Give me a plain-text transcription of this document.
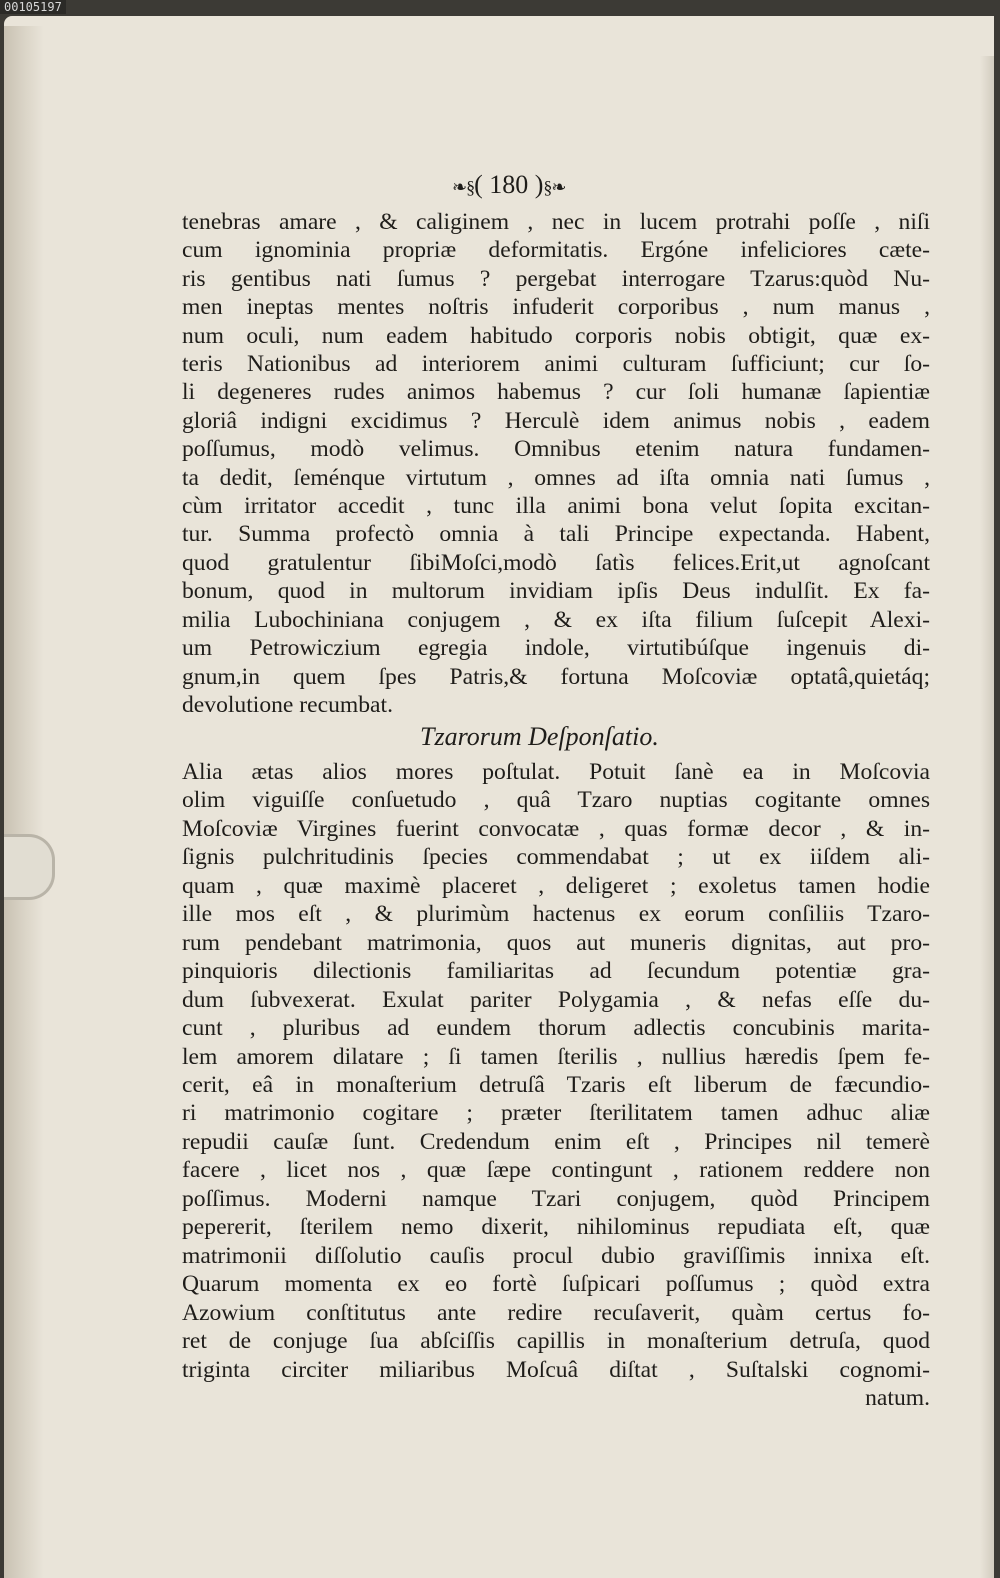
00105197
❧§( 180 )§❧
tenebras amare , & caliginem , nec in lucem protrahi poſſe , niſi
cum ignominia propriæ deformitatis. Ergóne infeliciores cæte-
ris gentibus nati ſumus ? pergebat interrogare Tzarus:quòd Nu-
men ineptas mentes noſtris infuderit corporibus , num manus ,
num oculi, num eadem habitudo corporis nobis obtigit, quæ ex-
teris Nationibus ad interiorem animi culturam ſufficiunt; cur ſo-
li degeneres rudes animos habemus ? cur ſoli humanæ ſapientiæ
gloriâ indigni excidimus ? Herculè idem animus nobis , eadem
poſſumus, modò velimus. Omnibus etenim natura fundamen-
ta dedit, ſeménque virtutum , omnes ad iſta omnia nati ſumus ,
cùm irritator accedit , tunc illa animi bona velut ſopita excitan-
tur. Summa profectò omnia à tali Principe expectanda. Habent,
quod gratulentur ſibiMoſci,modò ſatìs felices.Erit,ut agnoſcant
bonum, quod in multorum invidiam ipſis Deus indulſit. Ex fa-
milia Lubochiniana conjugem , & ex iſta filium ſuſcepit Alexi-
um Petrowiczium egregia indole, virtutibúſque ingenuis di-
gnum,in quem ſpes Patris,& fortuna Moſcoviæ optatâ,quietáq;
devolutione recumbat.
Tzarorum Deſponſatio.
Alia ætas alios mores poſtulat. Potuit ſanè ea in Moſcovia
olim viguiſſe conſuetudo , quâ Tzaro nuptias cogitante omnes
Moſcoviæ Virgines fuerint convocatæ , quas formæ decor , & in-
ſignis pulchritudinis ſpecies commendabat ; ut ex iiſdem ali-
quam , quæ maximè placeret , deligeret ; exoletus tamen hodie
ille mos eſt , & plurimùm hactenus ex eorum conſiliis Tzaro-
rum pendebant matrimonia, quos aut muneris dignitas, aut pro-
pinquioris dilectionis familiaritas ad ſecundum potentiæ gra-
dum ſubvexerat. Exulat pariter Polygamia , & nefas eſſe du-
cunt , pluribus ad eundem thorum adlectis concubinis marita-
lem amorem dilatare ; ſi tamen ſterilis , nullius hæredis ſpem fe-
cerit, eâ in monaſterium detruſâ Tzaris eſt liberum de fæcundio-
ri matrimonio cogitare ; præter ſterilitatem tamen adhuc aliæ
repudii cauſæ ſunt. Credendum enim eſt , Principes nil temerè
facere , licet nos , quæ ſæpe contingunt , rationem reddere non
poſſimus. Moderni namque Tzari conjugem, quòd Principem
pepererit, ſterilem nemo dixerit, nihilominus repudiata eſt, quæ
matrimonii diſſolutio cauſis procul dubio graviſſimis innixa eſt.
Quarum momenta ex eo fortè ſuſpicari poſſumus ; quòd extra
Azowium conſtitutus ante redire recuſaverit, quàm certus fo-
ret de conjuge ſua abſciſſis capillis in monaſterium detruſa, quod
triginta circiter miliaribus Moſcuâ diſtat , Suſtalski cognomi-
natum.
